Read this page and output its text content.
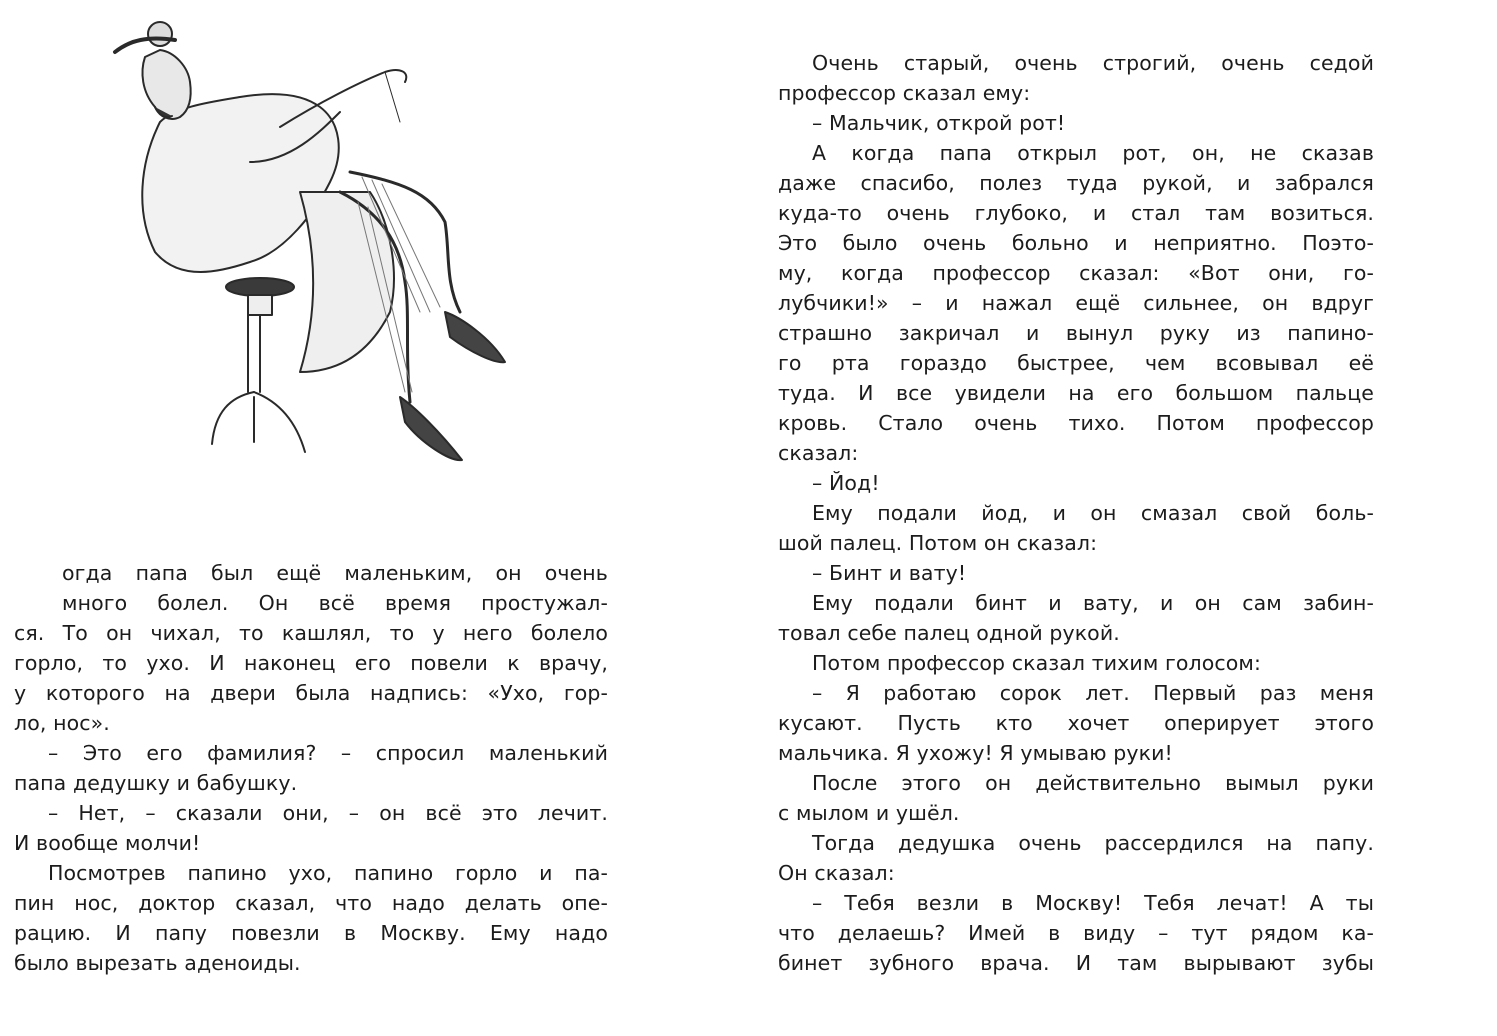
огда папа был ещё маленьким, он очень
много болел. Он всё время простужал-
ся. То он чихал, то кашлял, то у него болело
горло, то ухо. И наконец его повели к врачу,
у которого на двери была надпись: «Ухо, гор-
ло, нос».
– Это его фамилия? – спросил маленький
папа дедушку и бабушку.
– Нет, – сказали они, – он всё это лечит.
И вообще молчи!
Посмотрев папино ухо, папино горло и па-
пин нос, доктор сказал, что надо делать опе-
рацию. И папу повезли в Москву. Ему надо
было вырезать аденоиды.
Очень старый, очень строгий, очень седой
профессор сказал ему:
– Мальчик, открой рот!
А когда папа открыл рот, он, не сказав
даже спасибо, полез туда рукой, и забрался
куда-то очень глубоко, и стал там возиться.
Это было очень больно и неприятно. Поэто-
му, когда профессор сказал: «Вот они, го-
лубчики!» – и нажал ещё сильнее, он вдруг
страшно закричал и вынул руку из папино-
го рта гораздо быстрее, чем всовывал её
туда. И все увидели на его большом пальце
кровь. Стало очень тихо. Потом профессор
сказал:
– Йод!
Ему подали йод, и он смазал свой боль-
шой палец. Потом он сказал:
– Бинт и вату!
Ему подали бинт и вату, и он сам забин-
товал себе палец одной рукой.
Потом профессор сказал тихим голосом:
– Я работаю сорок лет. Первый раз меня
кусают. Пусть кто хочет оперирует этого
мальчика. Я ухожу! Я умываю руки!
После этого он действительно вымыл руки
с мылом и ушёл.
Тогда дедушка очень рассердился на папу.
Он сказал:
– Тебя везли в Москву! Тебя лечат! А ты
что делаешь? Имей в виду – тут рядом ка-
бинет зубного врача. И там вырывают зубы
